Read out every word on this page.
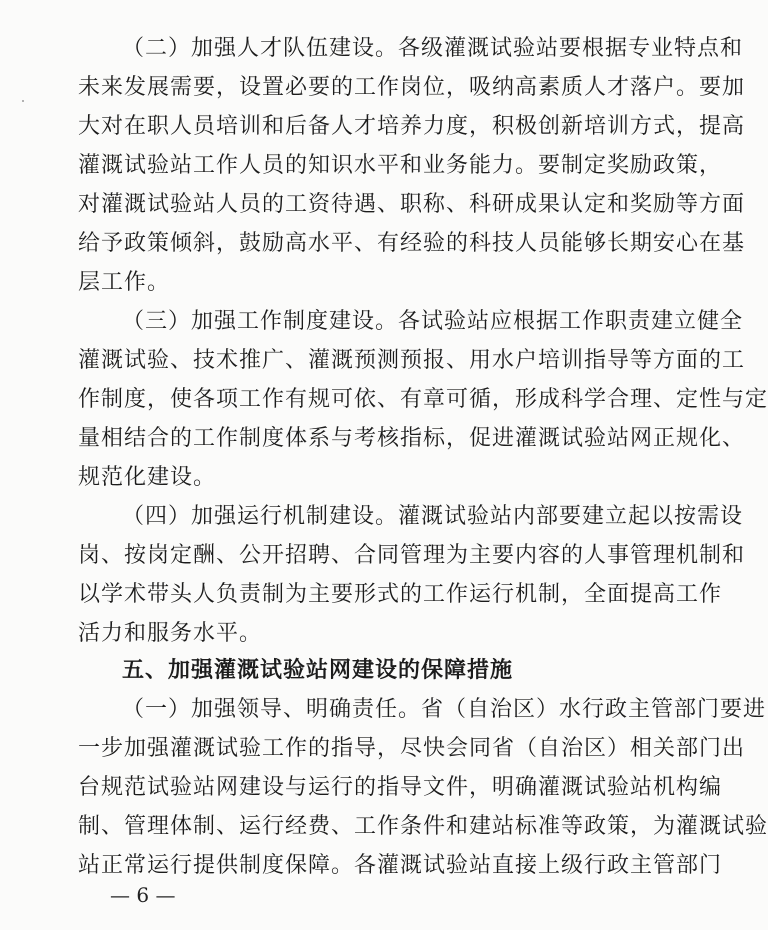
（二）加强人才队伍建设。各级灌溉试验站要根据专业特点和
未来发展需要，设置必要的工作岗位，吸纳高素质人才落户。要加
大对在职人员培训和后备人才培养力度，积极创新培训方式，提高
灌溉试验站工作人员的知识水平和业务能力。要制定奖励政策，
对灌溉试验站人员的工资待遇、职称、科研成果认定和奖励等方面
给予政策倾斜，鼓励高水平、有经验的科技人员能够长期安心在基
层工作。
（三）加强工作制度建设。各试验站应根据工作职责建立健全
灌溉试验、技术推广、灌溉预测预报、用水户培训指导等方面的工
作制度，使各项工作有规可依、有章可循，形成科学合理、定性与定
量相结合的工作制度体系与考核指标，促进灌溉试验站网正规化、
规范化建设。
（四）加强运行机制建设。灌溉试验站内部要建立起以按需设
岗、按岗定酬、公开招聘、合同管理为主要内容的人事管理机制和
以学术带头人负责制为主要形式的工作运行机制，全面提高工作
活力和服务水平。
五、加强灌溉试验站网建设的保障措施
（一）加强领导、明确责任。省（自治区）水行政主管部门要进
一步加强灌溉试验工作的指导，尽快会同省（自治区）相关部门出
台规范试验站网建设与运行的指导文件，明确灌溉试验站机构编
制、管理体制、运行经费、工作条件和建站标准等政策，为灌溉试验
站正常运行提供制度保障。各灌溉试验站直接上级行政主管部门
— 6 —
